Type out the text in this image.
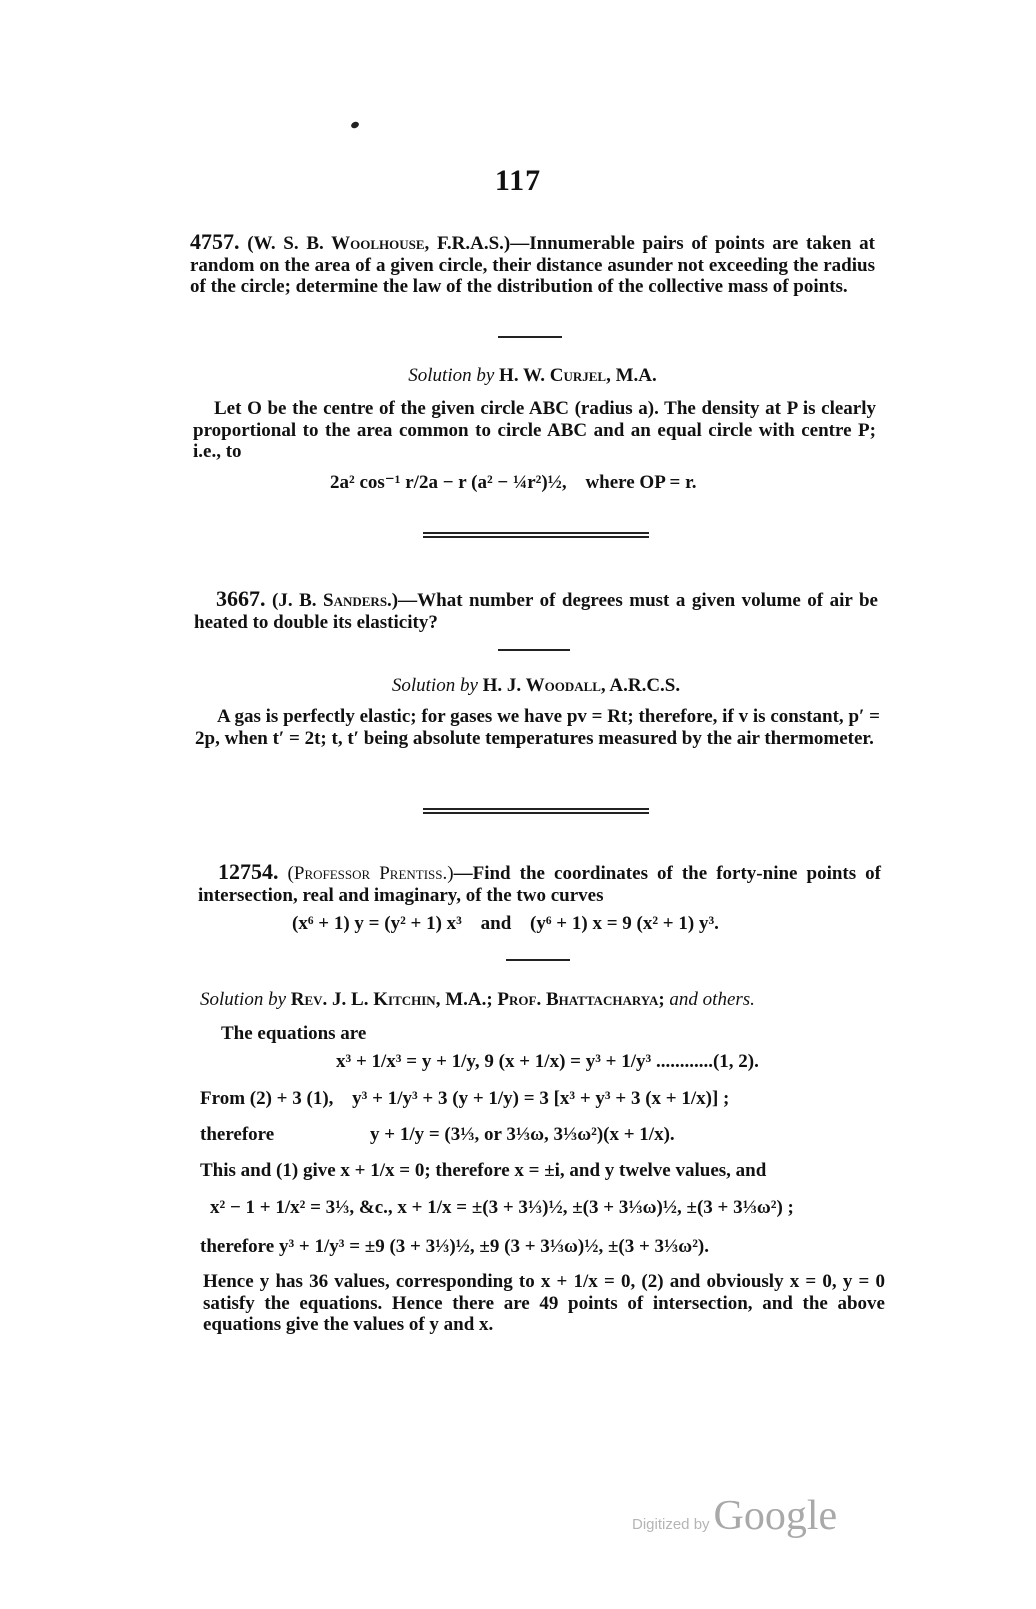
117
4757. (W. S. B. Woolhouse, F.R.A.S.)—Innumerable pairs of points are taken at random on the area of a given circle, their distance asunder not exceeding the radius of the circle; determine the law of the distribution of the collective mass of points.
Solution by H. W. Curjel, M.A.
Let O be the centre of the given circle ABC (radius a). The density at P is clearly proportional to the area common to circle ABC and an equal circle with centre P; i.e., to
2a² cos⁻¹ r/2a − r (a² − ¼r²)½, where OP = r.
3667. (J. B. Sanders.)—What number of degrees must a given volume of air be heated to double its elasticity?
Solution by H. J. Woodall, A.R.C.S.
A gas is perfectly elastic; for gases we have pv = Rt; therefore, if v is constant, p′ = 2p, when t′ = 2t; t, t′ being absolute temperatures measured by the air thermometer.
12754. (Professor Prentiss.)—Find the coordinates of the forty-nine points of intersection, real and imaginary, of the two curves
(x⁶ + 1) y = (y² + 1) x³ and (y⁶ + 1) x = 9 (x² + 1) y³.
Solution by Rev. J. L. Kitchin, M.A.; Prof. Bhattacharya; and others.
The equations are
x³ + 1/x³ = y + 1/y, 9 (x + 1/x) = y³ + 1/y³ ............(1, 2).
From (2) + 3 (1), y³ + 1/y³ + 3 (y + 1/y) = 3 [x³ + y³ + 3 (x + 1/x)] ;
therefore	y + 1/y = (3⅓, or 3⅓ω, 3⅓ω²)(x + 1/x).
This and (1) give x + 1/x = 0; therefore x = ±i, and y twelve values, and
x² − 1 + 1/x² = 3⅓, &c., x + 1/x = ±(3 + 3⅓)½, ±(3 + 3⅓ω)½, ±(3 + 3⅓ω²) ;
therefore y³ + 1/y³ = ±9 (3 + 3⅓)½, ±9 (3 + 3⅓ω)½, ±(3 + 3⅓ω²).
Hence y has 36 values, corresponding to x + 1/x = 0, (2) and obviously x = 0, y = 0 satisfy the equations. Hence there are 49 points of intersection, and the above equations give the values of y and x.
Digitized by Google
